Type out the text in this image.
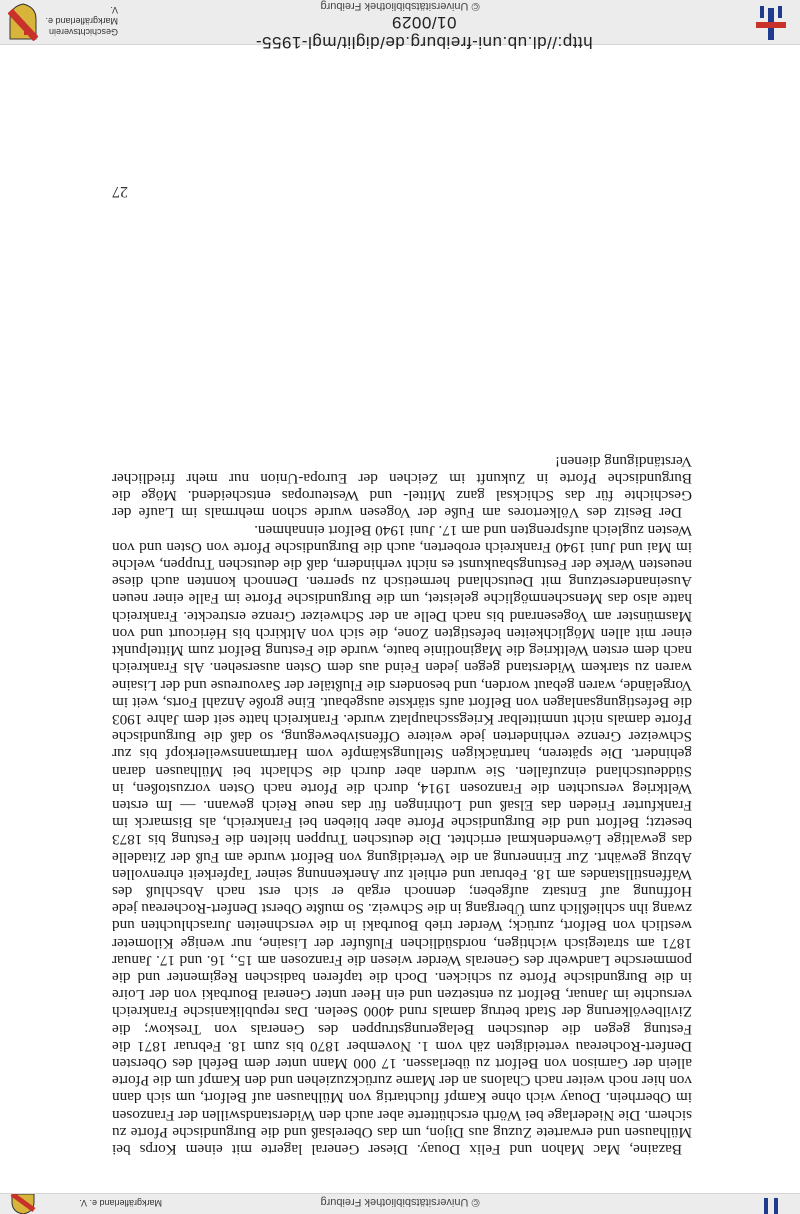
Geschichtsverein Markgräflerland e. V.	© Universitätsbibliothek Freiburg
http://dl.ub.uni-freiburg.de/diglit/mgl-1955-01/0029
27

Bazaine, Mac Mahon und Felix Douay. Dieser General lagerte mit einem Korps bei Mülhausen und erwartete Zuzug aus Dijon, um das Oberelsaß und die Burgundische Pforte zu sichern. Die Niederlage bei Wörth erschütterte aber auch den Widerstandswillen der Franzosen im Oberrhein. Douay wich ohne Kampf fluchtartig von Mülhausen auf Belfort, um sich dann von hier noch weiter nach Chalons an der Marne zurückzuziehen und den Kampf um die Pforte allein der Garnison von Belfort zu überlassen. 17 000 Mann unter dem Befehl des Obersten Denfert-Rochereau verteidigten zäh vom 1. November 1870 bis zum 18. Februar 1871 die Festung gegen die deutschen Belagerungstruppen des Generals von Treskow; die Zivilbevölkerung der Stadt betrug damals rund 4000 Seelen. Das republikanische Frankreich versuchte im Januar, Belfort zu entsetzen und ein Heer unter General Bourbaki von der Loire in die Burgundische Pforte zu schicken. Doch die tapferen badischen Regimenter und die pommersche Landwehr des Generals Werder wiesen die Franzosen am 15., 16. und 17. Januar 1871 am strategisch wichtigen, nordsüdlichen Flußufer der Lisaine, nur wenige Kilometer westlich von Belfort, zurück; Werder trieb Bourbaki in die verschneiten Juraschluchten und zwang ihn schließlich zum Übergang in die Schweiz. So mußte Oberst Denfert-Rochereau jede Hoffnung auf Entsatz aufgeben; dennoch ergab er sich erst nach Abschluß des Waffenstillstandes am 18. Februar und erhielt zur Anerkennung seiner Tapferkeit ehrenvollen Abzug gewährt. Zur Erinnerung an die Verteidigung von Belfort wurde am Fuß der Zitadelle das gewaltige Löwendenkmal errichtet. Die deutschen Truppen hielten die Festung bis 1873 besetzt; Belfort und die Burgundische Pforte aber blieben bei Frankreich, als Bismarck im Frankfurter Frieden das Elsaß und Lothringen für das neue Reich gewann. — Im ersten Weltkrieg versuchten die Franzosen 1914, durch die Pforte nach Osten vorzustoßen, in Süddeutschland einzufallen. Sie wurden aber durch die Schlacht bei Mülhausen daran gehindert. Die späteren, hartnäckigen Stellungskämpfe vom Hartmannsweilerkopf bis zur Schweizer Grenze verhinderten jede weitere Offensivbewegung, so daß die Burgundische Pforte damals nicht unmittelbar Kriegsschauplatz wurde. Frankreich hatte seit dem Jahre 1903 die Befestigungsanlagen von Belfort aufs stärkste ausgebaut. Eine große Anzahl Forts, weit im Vorgelände, waren gebaut worden, und besonders die Flußtäler der Savoureuse und der Lisaine waren zu starkem Widerstand gegen jeden Feind aus dem Osten ausersehen. Als Frankreich nach dem ersten Weltkrieg die Maginotlinie baute, wurde die Festung Belfort zum Mittelpunkt einer mit allen Möglichkeiten befestigten Zone, die sich von Altkirch bis Héricourt und von Masmünster am Vogesenrand bis nach Delle an der Schweizer Grenze erstreckte. Frankreich hatte also das Menschenmögliche geleistet, um die Burgundische Pforte im Falle einer neuen Auseinandersetzung mit Deutschland hermetisch zu sperren. Dennoch konnten auch diese neuesten Werke der Festungsbaukunst es nicht verhindern, daß die deutschen Truppen, welche im Mai und Juni 1940 Frankreich eroberten, auch die Burgundische Pforte von Osten und von Westen zugleich aufsprengten und am 17. Juni 1940 Belfort einnahmen.

Der Besitz des Völkertores am Fuße der Vogesen wurde schon mehrmals im Laufe der Geschichte für das Schicksal ganz Mittel- und Westeuropas entscheidend. Möge die Burgundische Pforte in Zukunft im Zeichen der Europa-Union nur mehr friedlicher Verständigung dienen!

Markgräflerland e. V.	© Universitätsbibliothek Freiburg
